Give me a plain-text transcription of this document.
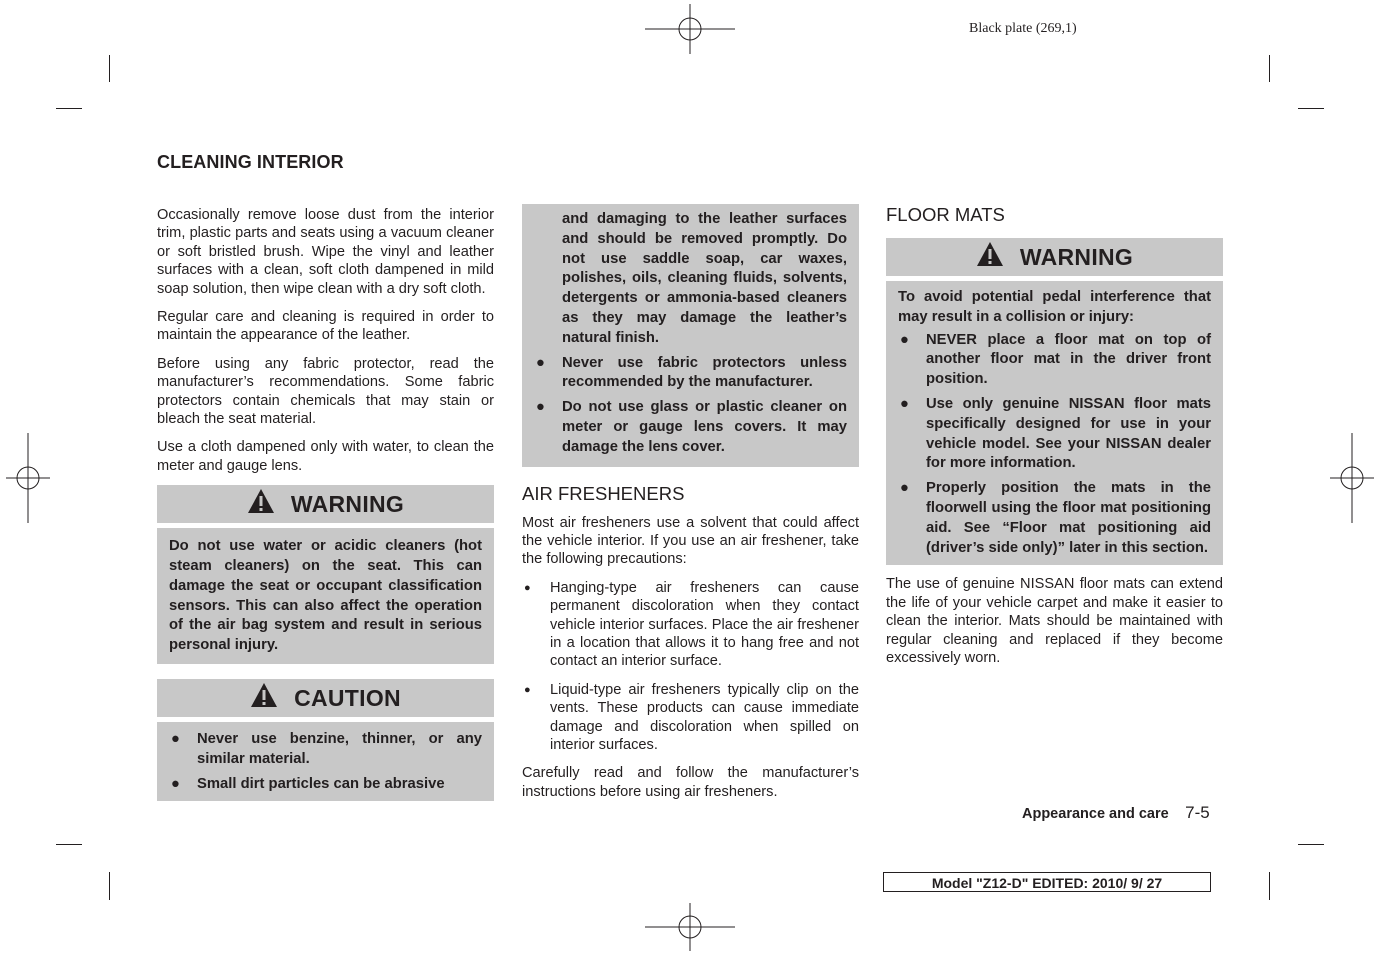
Black plate (269,1)
CLEANING INTERIOR

Occasionally remove loose dust from the interior trim, plastic parts and seats using a vacuum cleaner or soft bristled brush. Wipe the vinyl and leather surfaces with a clean, soft cloth dampened in mild soap solution, then wipe clean with a dry soft cloth.

Regular care and cleaning is required in order to maintain the appearance of the leather.

Before using any fabric protector, read the manufacturer’s recommendations. Some fabric protectors contain chemicals that may stain or bleach the seat material.

Use a cloth dampened only with water, to clean the meter and gauge lens.

WARNING

Do not use water or acidic cleaners (hot steam cleaners) on the seat. This can damage the seat or occupant classification sensors. This can also affect the operation of the air bag system and result in serious personal injury.

CAUTION
● Never use benzine, thinner, or any similar material.
● Small dirt particles can be abrasive

and damaging to the leather surfaces and should be removed promptly. Do not use saddle soap, car waxes, polishes, oils, cleaning fluids, solvents, detergents or ammonia-based cleaners as they may damage the leather’s natural finish.

● Never use fabric protectors unless recommended by the manufacturer.
● Do not use glass or plastic cleaner on meter or gauge lens covers. It may damage the lens cover.
AIR FRESHENERS

Most air fresheners use a solvent that could affect the vehicle interior. If you use an air freshener, take the following precautions:

● Hanging-type air fresheners can cause permanent discoloration when they contact vehicle interior surfaces. Place the air freshener in a location that allows it to hang free and not contact an interior surface.
● Liquid-type air fresheners typically clip on the vents. These products can cause immediate damage and discoloration when spilled on interior surfaces.

Carefully read and follow the manufacturer’s instructions before using air fresheners.

FLOOR MATS
WARNING

To avoid potential pedal interference that may result in a collision or injury:

● NEVER place a floor mat on top of another floor mat in the driver front position.
● Use only genuine NISSAN floor mats specifically designed for use in your vehicle model. See your NISSAN dealer for more information.
● Properly position the mats in the floorwell using the floor mat positioning aid. See “Floor mat positioning aid (driver’s side only)” later in this section.

The use of genuine NISSAN floor mats can extend the life of your vehicle carpet and make it easier to clean the interior. Mats should be maintained with regular cleaning and replaced if they become excessively worn.

Appearance and care 7-5
Model "Z12-D" EDITED: 2010/ 9/ 27
